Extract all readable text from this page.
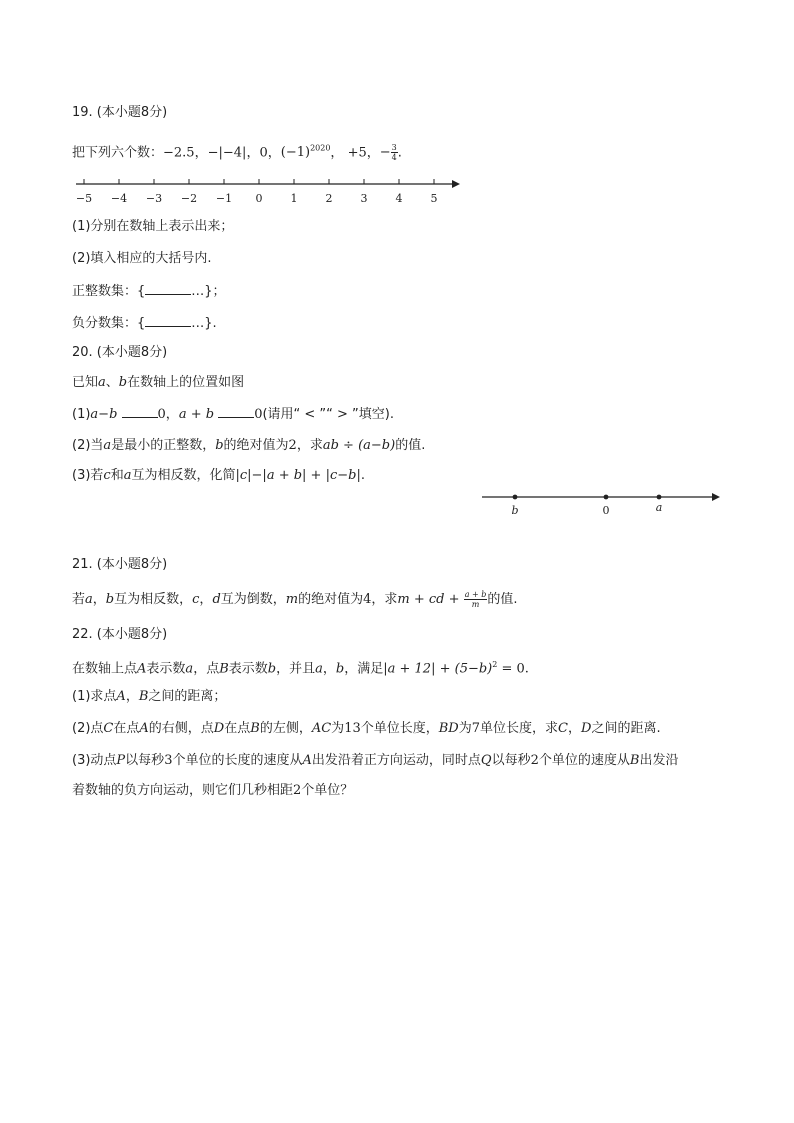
19. (本小题8分)
把下列六个数：−2.5，−|−4|，0，$(-1)^{2020}$， +5，− $\frac{3}{4}$ .
−5 −4 −3 −2 −1 0	1	2	3	4	5
(1)分别在数轴上表示出来；
(2)填入相应的大括号内.
正整数集：{	…}；
负分数集：{	…}.
20. (本小题8分)
已知a、b在数轴上的位置如图
(1)a−b	0，a + b	0(请用“ < ”“ > ”填空).
(2)当a是最小的正整数，b的绝对值为2，求ab ÷ (a−b)的值.
(3)若c和a互为相反数，化简|c|−|a + b| + |c−b|.
b	0	a
21. (本小题8分)
若a，b互为相反数，c，d互为倒数，m的绝对值为4，求m + cd + $\frac{a + b}{m}$ 的值.
22. (本小题8分)
在数轴上点A表示数a，点B表示数b，并且a，b，满足$|a + 12| + (5-b)^2 = 0$.
(1)求点A，B之间的距离；
(2)点C在点A的右侧，点D在点B的左侧，AC为13个单位长度，BD为7单位长度，求C，D之间的距离.
(3)动点P以每秒3个单位的长度的速度从A出发沿着正方向运动，同时点Q以每秒2个单位的速度从B出发沿
着数轴的负方向运动，则它们几秒相距2个单位？
